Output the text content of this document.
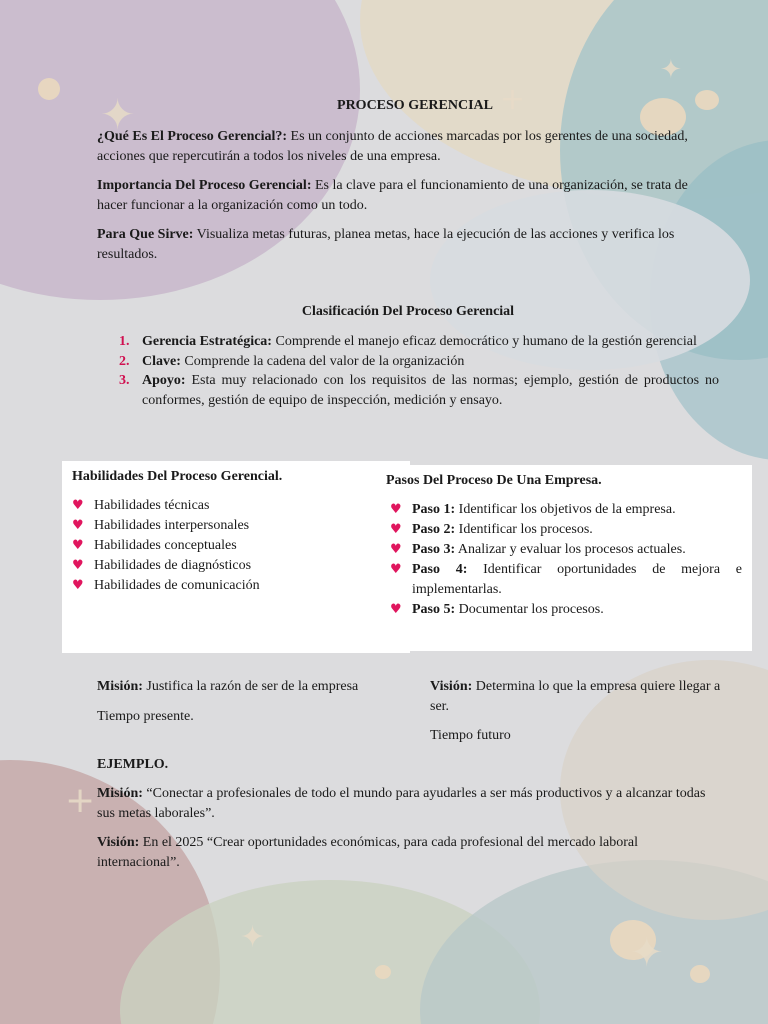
✦
✦
+
✦
+
✦
PROCESO GERENCIAL
¿Qué Es El Proceso Gerencial?: Es un conjunto de acciones marcadas por los gerentes de una sociedad, acciones que repercutirán a todos los niveles de una empresa.
Importancia Del Proceso Gerencial: Es la clave para el funcionamiento de una organización, se trata de hacer funcionar a la organización como un todo.
Para Que Sirve: Visualiza metas futuras, planea metas, hace la ejecución de las acciones y verifica los resultados.
Clasificación Del Proceso Gerencial
1. Gerencia Estratégica: Comprende el manejo eficaz democrático y humano de la gestión gerencial
2. Clave: Comprende la cadena del valor de la organización
3. Apoyo: Esta muy relacionado con los requisitos de las normas; ejemplo, gestión de productos no conformes, gestión de equipo de inspección, medición y ensayo.
Habilidades Del Proceso Gerencial.
♥ Habilidades técnicas
♥ Habilidades interpersonales
♥ Habilidades conceptuales
♥ Habilidades de diagnósticos
♥ Habilidades de comunicación
Pasos Del Proceso De Una Empresa.
♥ Paso 1: Identificar los objetivos de la empresa.
♥ Paso 2: Identificar los procesos.
♥ Paso 3: Analizar y evaluar los procesos actuales.
♥ Paso 4: Identificar oportunidades de mejora e implementarlas.
♥ Paso 5: Documentar los procesos.
Misión: Justifica la razón de ser de la empresa
Tiempo presente.
Visión: Determina lo que la empresa quiere llegar a ser.
Tiempo futuro
EJEMPLO.
Misión: “Conectar a profesionales de todo el mundo para ayudarles a ser más productivos y a alcanzar todas sus metas laborales”.
Visión: En el 2025 “Crear oportunidades económicas, para cada profesional del mercado laboral internacional”.
